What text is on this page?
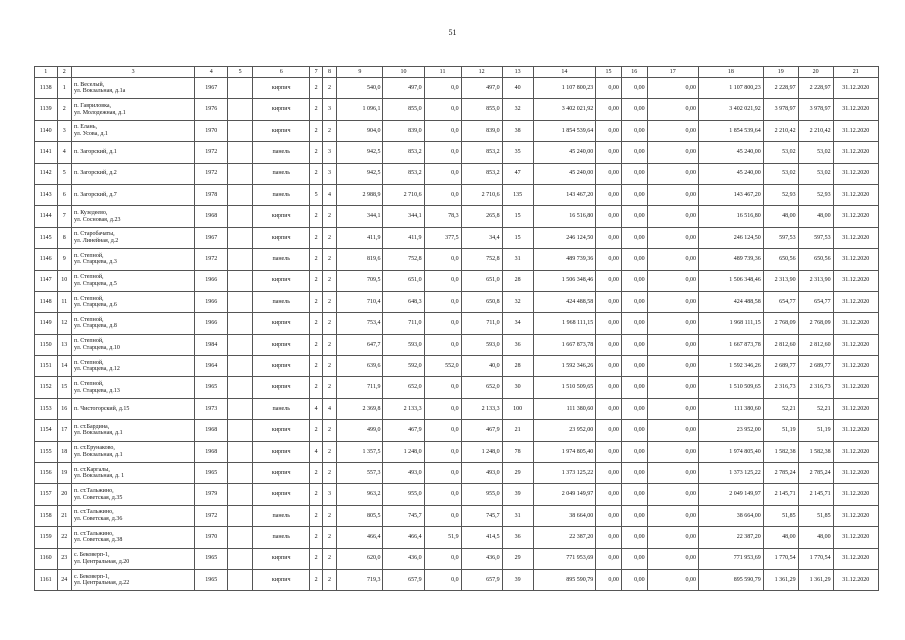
51
1	2	3	4	5	6	7	8	9	10	11	12	13	14	15	16	17	18	19	20	21
1138	1	п. Веселый,
ул. Вокзальная, д.1а	1967		кирпич	2	2	540,0	497,0	0,0	497,0	40	1 107 800,23	0,00	0,00	0,00	1 107 800,23	2 228,97	2 228,97	31.12.2020
1139	2	п. Гавриловка,
ул. Молодежная, д.1	1976		кирпич	2	3	1 096,1	855,0	0,0	855,0	32	3 402 021,92	0,00	0,00	0,00	3 402 021,92	3 978,97	3 978,97	31.12.2020
1140	3	п. Елань,
ул. Усова, д.1	1970		кирпич	2	2	904,0	839,0	0,0	839,0	38	1 854 539,64	0,00	0,00	0,00	1 854 539,64	2 210,42	2 210,42	31.12.2020
1141	4	п. Загорский, д.1	1972		панель	2	3	942,5	853,2	0,0	853,2	35	45 240,00	0,00	0,00	0,00	45 240,00	53,02	53,02	31.12.2020
1142	5	п. Загорский, д.2	1972		панель	2	3	942,5	853,2	0,0	853,2	47	45 240,00	0,00	0,00	0,00	45 240,00	53,02	53,02	31.12.2020
1143	6	п. Загорский, д.7	1978		панель	5	4	2 988,9	2 710,6	0,0	2 710,6	135	143 467,20	0,00	0,00	0,00	143 467,20	52,93	52,93	31.12.2020
1144	7	п. Кузедеево,
ул. Сосновая, д.23	1968		кирпич	2	2	344,1	344,1	78,3	265,8	15	16 516,80	0,00	0,00	0,00	16 516,80	48,00	48,00	31.12.2020
1145	8	п. Старобачаты,
ул. Линейная, д.2	1967		кирпич	2	2	411,9	411,9	377,5	34,4	15	246 124,50	0,00	0,00	0,00	246 124,50	597,53	597,53	31.12.2020
1146	9	п. Степной,
ул. Старцева, д.3	1972		панель	2	2	819,6	752,8	0,0	752,8	31	489 739,36	0,00	0,00	0,00	489 739,36	650,56	650,56	31.12.2020
1147	10	п. Степной,
ул. Старцева, д.5	1966		кирпич	2	2	709,5	651,0	0,0	651,0	28	1 506 348,46	0,00	0,00	0,00	1 506 348,46	2 313,90	2 313,90	31.12.2020
1148	11	п. Степной,
ул. Старцева, д.6	1966		панель	2	2	710,4	648,3	0,0	650,8	32	424 488,58	0,00	0,00	0,00	424 488,58	654,77	654,77	31.12.2020
1149	12	п. Степной,
ул. Старцева, д.8	1966		кирпич	2	2	753,4	711,0	0,0	711,0	34	1 968 111,15	0,00	0,00	0,00	1 968 111,15	2 768,09	2 768,09	31.12.2020
1150	13	п. Степной,
ул. Старцева, д.10	1984		кирпич	2	2	647,7	593,0	0,0	593,0	36	1 667 873,78	0,00	0,00	0,00	1 667 873,78	2 812,60	2 812,60	31.12.2020
1151	14	п. Степной,
ул. Старцева, д.12	1964		кирпич	2	2	639,6	592,0	552,0	40,0	28	1 592 346,26	0,00	0,00	0,00	1 592 346,26	2 689,77	2 689,77	31.12.2020
1152	15	п. Степной,
ул. Старцева, д.13	1965		кирпич	2	2	711,9	652,0	0,0	652,0	30	1 510 509,65	0,00	0,00	0,00	1 510 509,65	2 316,73	2 316,73	31.12.2020
1153	16	п. Чистогорский, д.15	1973		панель	4	4	2 369,8	2 133,3	0,0	2 133,3	100	111 380,60	0,00	0,00	0,00	111 380,60	52,21	52,21	31.12.2020
1154	17	п. ст.Бардина,
ул. Вокзальная, д.1	1968		кирпич	2	2	499,0	467,9	0,0	467,9	21	23 952,00	0,00	0,00	0,00	23 952,00	51,19	51,19	31.12.2020
1155	18	п. ст.Ерунаково,
ул. Вокзальная, д.1	1968		кирпич	4	2	1 357,5	1 248,0	0,0	1 248,0	78	1 974 805,40	0,00	0,00	0,00	1 974 805,40	1 582,38	1 582,38	31.12.2020
1156	19	п. ст.Каргалы,
ул. Вокзальная, д. 1	1965		кирпич	2	2	557,3	493,0	0,0	493,0	29	1 373 125,22	0,00	0,00	0,00	1 373 125,22	2 785,24	2 785,24	31.12.2020
1157	20	п. ст.Тальжино,
ул. Советская, д.35	1979		кирпич	2	3	963,2	955,0	0,0	955,0	39	2 049 149,97	0,00	0,00	0,00	2 049 149,97	2 145,71	2 145,71	31.12.2020
1158	21	п. ст.Тальжино,
ул. Советская, д.36	1972		панель	2	2	805,5	745,7	0,0	745,7	31	38 664,00	0,00	0,00	0,00	38 664,00	51,85	51,85	31.12.2020
1159	22	п. ст.Тальжино,
ул. Советская, д.38	1970		панель	2	2	466,4	466,4	51,9	414,5	36	22 387,20	0,00	0,00	0,00	22 387,20	48,00	48,00	31.12.2020
1160	23	с. Бековерп-1,
ул. Центральная, д.20	1965		кирпич	2	2	620,0	436,0	0,0	436,0	29	771 953,69	0,00	0,00	0,00	771 953,69	1 770,54	1 770,54	31.12.2020
1161	24	с. Бековерп-1,
ул. Центральная, д.22	1965		кирпич	2	2	719,3	657,9	0,0	657,9	39	895 590,79	0,00	0,00	0,00	895 590,79	1 361,29	1 361,29	31.12.2020
